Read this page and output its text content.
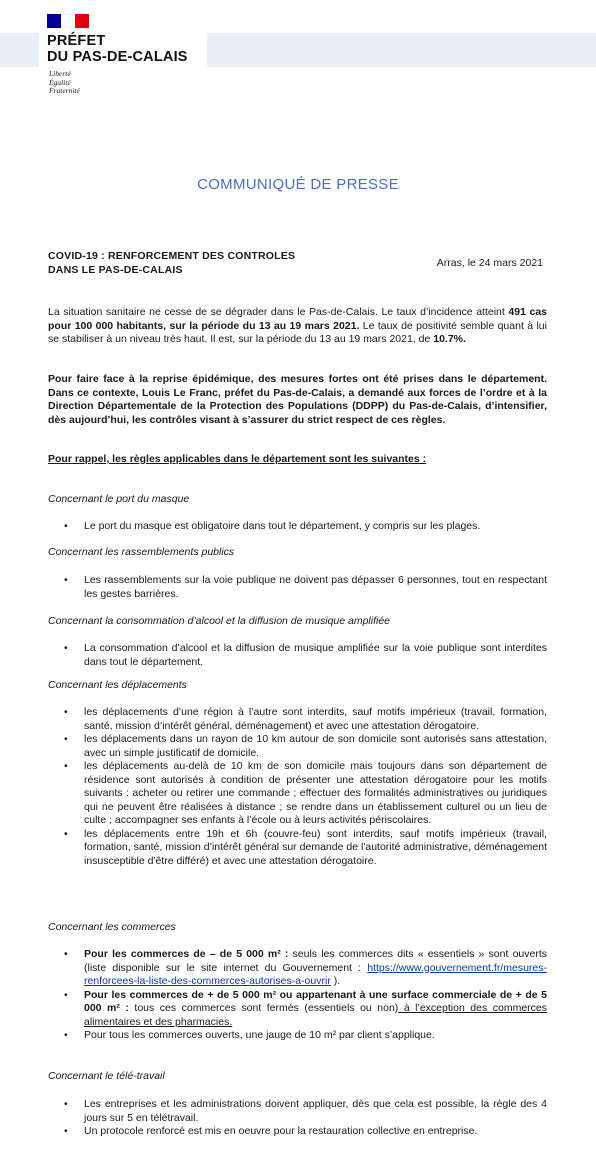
PRÉFET
DU PAS-DE-CALAIS
Liberté
Égalité
Fraternité
COMMUNIQUÉ DE PRESSE
COVID-19 : RENFORCEMENT DES CONTROLES
DANS LE PAS-DE-CALAIS
Arras, le 24 mars 2021

La situation sanitaire ne cesse de se dégrader dans le Pas-de-Calais. Le taux d’incidence atteint 491 cas pour 100 000 habitants, sur la période du 13 au 19 mars 2021. Le taux de positivité semble quant à lui se stabiliser à un niveau très haut. Il est, sur la période du 13 au 19 mars 2021, de 10.7%.

Pour faire face à la reprise épidémique, des mesures fortes ont été prises dans le département. Dans ce contexte, Louis Le Franc, préfet du Pas-de-Calais, a demandé aux forces de l’ordre et à la Direction Départementale de la Protection des Populations (DDPP) du Pas-de-Calais, d’intensifier, dès aujourd’hui, les contrôles visant à s’assurer du strict respect de ces règles.

Pour rappel, les règles applicables dans le département sont les suivantes :

Concernant le port du masque
• Le port du masque est obligatoire dans tout le département, y compris sur les plages.
Concernant les rassemblements publics
• Les rassemblements sur la voie publique ne doivent pas dépasser 6 personnes, tout en respectant les gestes barrières.
Concernant la consommation d’alcool et la diffusion de musique amplifiée
• La consommation d’alcool et la diffusion de musique amplifiée sur la voie publique sont interdites dans tout le département.
Concernant les déplacements
• les déplacements d’une région à l’autre sont interdits, sauf motifs impérieux (travail, formation, santé, mission d’intérêt général, déménagement) et avec une attestation dérogatoire.
• les déplacements dans un rayon de 10 km autour de son domicile sont autorisés sans attestation, avec un simple justificatif de domicile.
• les déplacements au-delà de 10 km de son domicile mais toujours dans son département de résidence sont autorisés à condition de présenter une attestation dérogatoire pour les motifs suivants : acheter ou retirer une commande ; effectuer des formalités administratives ou juridiques qui ne peuvent être réalisées à distance ; se rendre dans un établissement culturel ou un lieu de culte ; accompagner ses enfants à l’école ou à leurs activités périscolaires.
• les déplacements entre 19h et 6h (couvre-feu) sont interdits, sauf motifs impérieux (travail, formation, santé, mission d’intérêt général sur demande de l'autorité administrative, déménagement insusceptible d'être différé) et avec une attestation dérogatoire.
Concernant les commerces
• Pour les commerces de – de 5 000 m² : seuls les commerces dits « essentiels » sont ouverts (liste disponible sur le site internet du Gouvernement : https://www.gouvernement.fr/mesures-renforcees-la-liste-des-commerces-autorises-a-ouvrir ).
• Pour les commerces de + de 5 000 m² ou appartenant à une surface commerciale de + de 5 000 m² : tous ces commerces sont fermés (essentiels ou non) à l’exception des commerces alimentaires et des pharmacies.
• Pour tous les commerces ouverts, une jauge de 10 m² par client s’applique.
Concernant le télé-travail
• Les entreprises et les administrations doivent appliquer, dès que cela est possible, la règle des 4 jours sur 5 en télétravail.
• Un protocole renforcé est mis en oeuvre pour la restauration collective en entreprise.
